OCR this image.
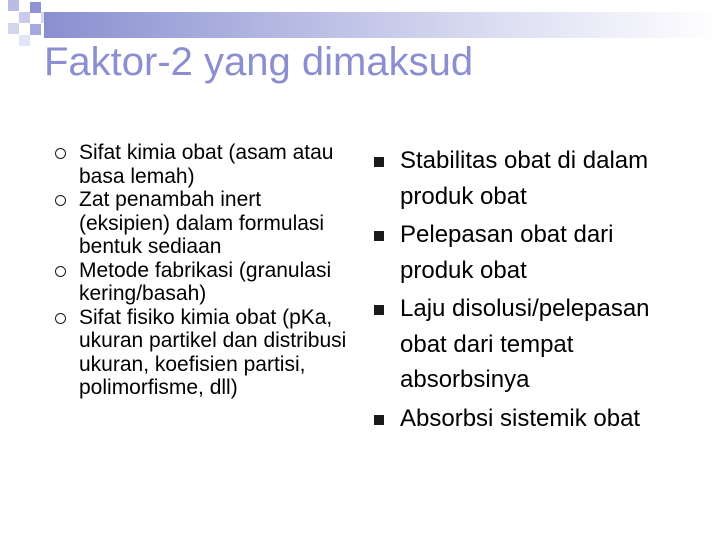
Faktor-2 yang dimaksud
Sifat kimia obat (asam atau basa lemah)
Zat penambah inert (eksipien) dalam formulasi bentuk sediaan
Metode fabrikasi (granulasi kering/basah)
Sifat fisiko kimia obat (pKa, ukuran partikel dan distribusi ukuran, koefisien partisi, polimorfisme, dll)
Stabilitas obat di dalam produk obat
Pelepasan obat dari produk obat
Laju disolusi/pelepasan obat dari tempat absorbsinya
Absorbsi sistemik obat
